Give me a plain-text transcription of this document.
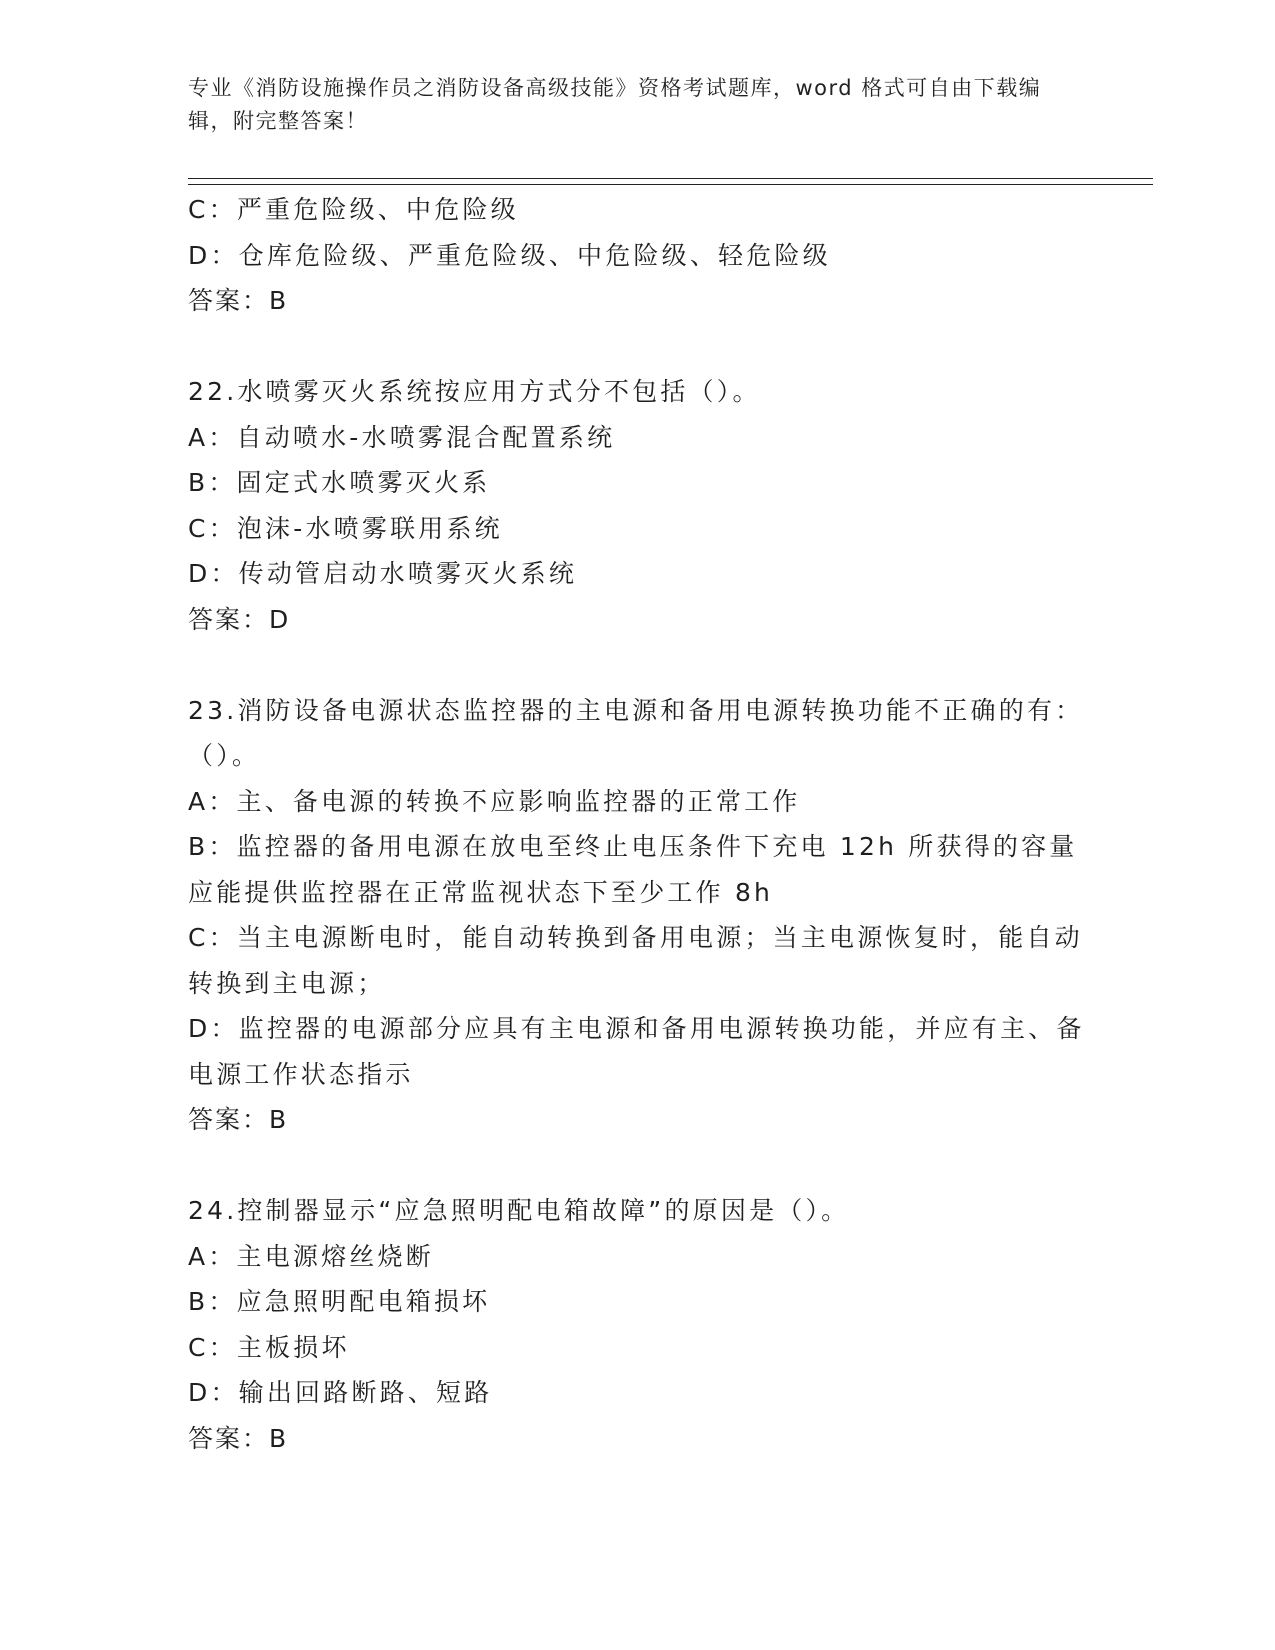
专业《消防设施操作员之消防设备高级技能》资格考试题库，word 格式可自由下载编辑，附完整答案！
C：严重危险级、中危险级
D：仓库危险级、严重危险级、中危险级、轻危险级
答案：B
22.水喷雾灭火系统按应用方式分不包括（）。
A：自动喷水-水喷雾混合配置系统
B：固定式水喷雾灭火系
C：泡沫-水喷雾联用系统
D：传动管启动水喷雾灭火系统
答案：D
23.消防设备电源状态监控器的主电源和备用电源转换功能不正确的有：（）。
A：主、备电源的转换不应影响监控器的正常工作
B：监控器的备用电源在放电至终止电压条件下充电 12h 所获得的容量应能提供监控器在正常监视状态下至少工作 8h
C：当主电源断电时，能自动转换到备用电源；当主电源恢复时，能自动转换到主电源；
D：监控器的电源部分应具有主电源和备用电源转换功能，并应有主、备电源工作状态指示
答案：B
24.控制器显示“应急照明配电箱故障”的原因是（）。
A：主电源熔丝烧断
B：应急照明配电箱损坏
C：主板损坏
D：输出回路断路、短路
答案：B
